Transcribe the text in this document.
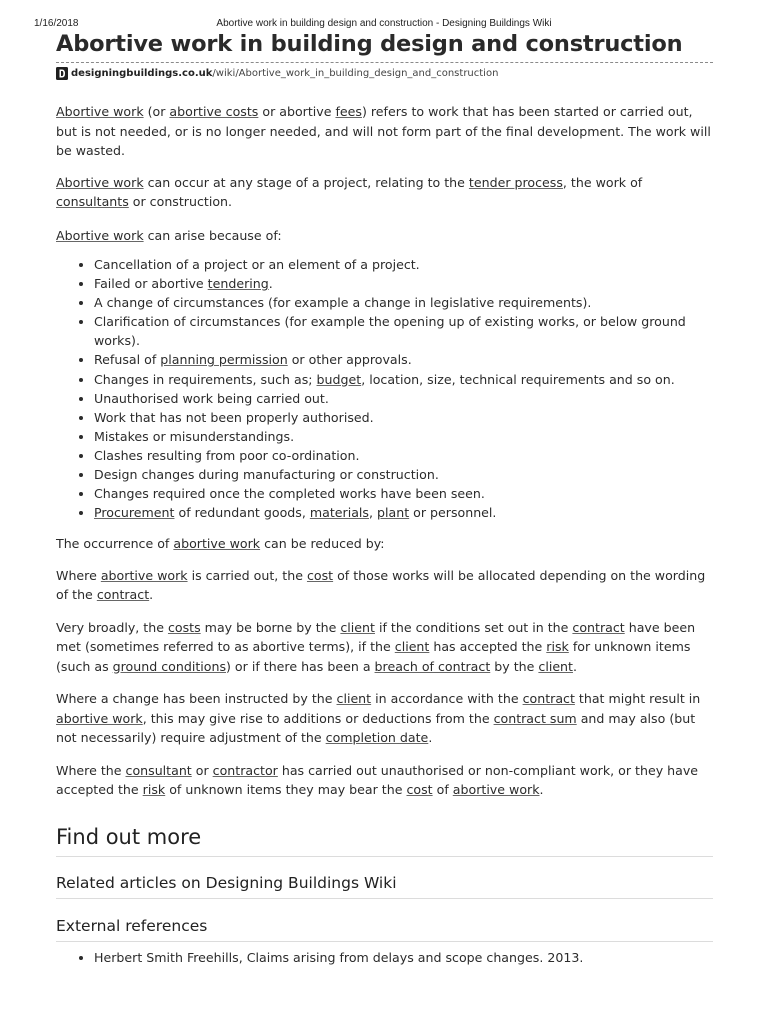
1/16/2018	Abortive work in building design and construction - Designing Buildings Wiki
Abortive work in building design and construction
designingbuildings.co.uk /wiki/Abortive_work_in_building_design_and_construction

Abortive work (or abortive costs or abortive fees) refers to work that has been started or carried out, but is not needed, or is no longer needed, and will not form part of the final development. The work will be wasted.

Abortive work can occur at any stage of a project, relating to the tender process, the work of consultants or construction.

Abortive work can arise because of:

• Cancellation of a project or an element of a project.
• Failed or abortive tendering.
• A change of circumstances (for example a change in legislative requirements).
• Clarification of circumstances (for example the opening up of existing works, or below ground works).
• Refusal of planning permission or other approvals.
• Changes in requirements, such as; budget, location, size, technical requirements and so on.
• Unauthorised work being carried out.
• Work that has not been properly authorised.
• Mistakes or misunderstandings.
• Clashes resulting from poor co-ordination.
• Design changes during manufacturing or construction.
• Changes required once the completed works have been seen.
• Procurement of redundant goods, materials, plant or personnel.

The occurrence of abortive work can be reduced by:

Where abortive work is carried out, the cost of those works will be allocated depending on the wording of the contract.

Very broadly, the costs may be borne by the client if the conditions set out in the contract have been met (sometimes referred to as abortive terms), if the client has accepted the risk for unknown items (such as ground conditions) or if there has been a breach of contract by the client.

Where a change has been instructed by the client in accordance with the contract that might result in abortive work, this may give rise to additions or deductions from the contract sum and may also (but not necessarily) require adjustment of the completion date.

Where the consultant or contractor has carried out unauthorised or non-compliant work, or they have accepted the risk of unknown items they may bear the cost of abortive work.

Find out more
Related articles on Designing Buildings Wiki
External references
• Herbert Smith Freehills, Claims arising from delays and scope changes. 2013.
